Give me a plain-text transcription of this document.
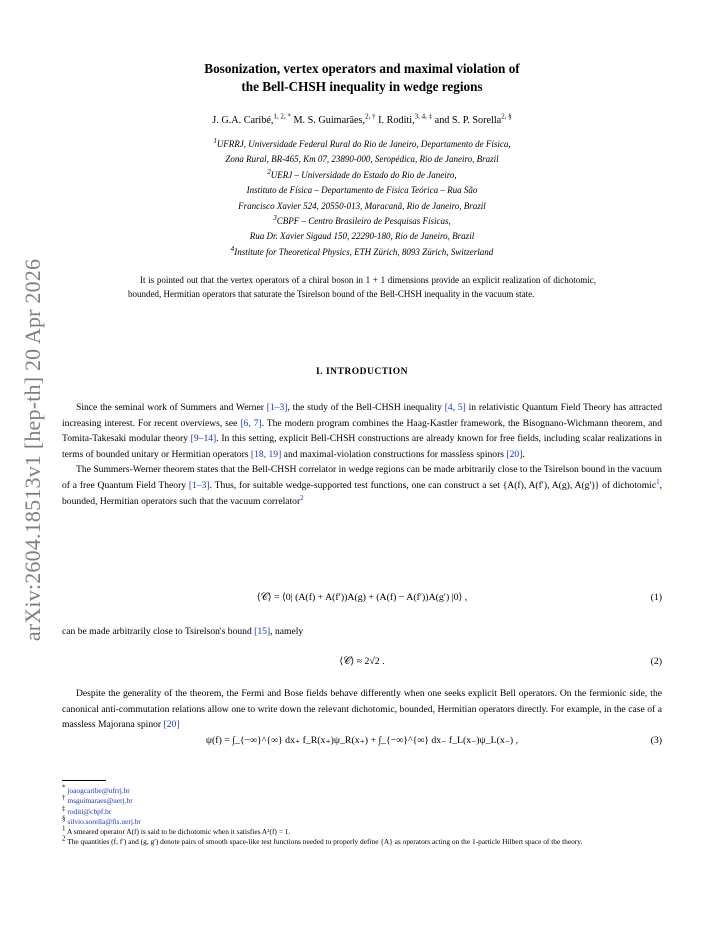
arXiv:2604.18513v1 [hep-th] 20 Apr 2026
Bosonization, vertex operators and maximal violation of
the Bell-CHSH inequality in wedge regions
J. G.A. Caribé,$^{1, 2, *}$ M. S. Guimarães,$^{2, \dagger}$ I. Roditi,$^{3, 4, \ddagger}$ and S. P. Sorella$^{2, \S}$
$^1$UFRRJ, Universidade Federal Rural do Rio de Janeiro, Departamento de Física,
Zona Rural, BR-465, Km 07, 23890-000, Seropédica, Rio de Janeiro, Brazil
$^2$UERJ – Universidade do Estado do Rio de Janeiro,
Instituto de Física – Departamento de Física Teórica – Rua São
Francisco Xavier 524, 20550-013, Maracanã, Rio de Janeiro, Brazil
$^3$CBPF – Centro Brasileiro de Pesquisas Físicas,
Rua Dr. Xavier Sigaud 150, 22290-180, Rio de Janeiro, Brazil
$^4$Institute for Theoretical Physics, ETH Zürich, 8093 Zürich, Switzerland
It is pointed out that the vertex operators of a chiral boson in 1 + 1 dimensions provide an explicit realization of dichotomic, bounded, Hermitian operators that saturate the Tsirelson bound of the Bell-CHSH inequality in the vacuum state.
I. INTRODUCTION

Since the seminal work of Summers and Werner [1–3], the study of the Bell-CHSH inequality [4, 5] in relativistic Quantum Field Theory has attracted increasing interest. For recent overviews, see [6, 7]. The modern program combines the Haag-Kastler framework, the Bisognano-Wichmann theorem, and Tomita-Takesaki modular theory [9–14]. In this setting, explicit Bell-CHSH constructions are already known for free fields, including scalar realizations in terms of bounded unitary or Hermitian operators [18, 19] and maximal-violation constructions for massless spinors [20].

The Summers-Werner theorem states that the Bell-CHSH correlator in wedge regions can be made arbitrarily close to the Tsirelson bound in the vacuum of a free Quantum Field Theory [1–3]. Thus, for suitable wedge-supported test functions, one can construct a set {A(f), A(f′), A(g), A(g′)} of dichotomic$^1$, bounded, Hermitian operators such that the vacuum correlator$^2$

⟨𝒞⟩ = ⟨0| (A(f) + A(f′))A(g) + (A(f) − A(f′))A(g′) |0⟩ ,	(1)

can be made arbitrarily close to Tsirelson's bound [15], namely

⟨𝒞⟩ ≈ 2√2 .	(2)

Despite the generality of the theorem, the Fermi and Bose fields behave differently when one seeks explicit Bell operators. On the fermionic side, the canonical anti-commutation relations allow one to write down the relevant dichotomic, bounded, Hermitian operators directly. For example, in the case of a massless Majorana spinor [20]

ψ(f) = ∫_{−∞}^{∞} dx₊ f_R(x₊)ψ_R(x₊) + ∫_{−∞}^{∞} dx₋ f_L(x₋)ψ_L(x₋) ,	(3)
* joaogcaribe@ufrrj.br
† msguimaraes@uerj.br
‡ roditi@cbpf.br
§ silvio.sorella@fis.uerj.br
1 A smeared operator A(f) is said to be dichotomic when it satisfies A²(f) = 1.
2 The quantities (f, f′) and (g, g′) denote pairs of smooth space-like test functions needed to properly define {A} as operators acting on the 1-particle Hilbert space of the theory.
